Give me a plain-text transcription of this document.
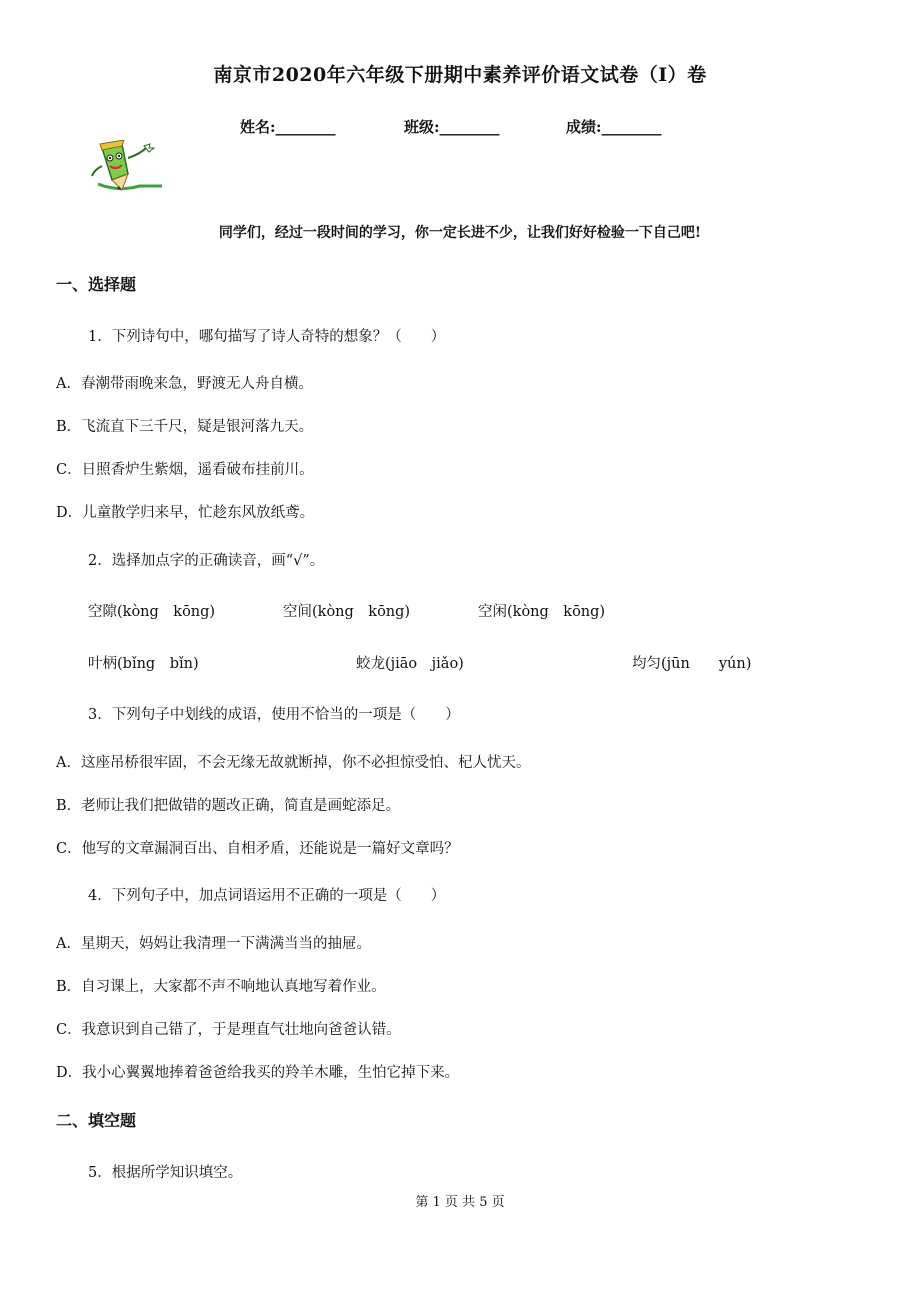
南京市2020年六年级下册期中素养评价语文试卷（I）卷
姓名:________	班级:________	成绩:________
同学们，经过一段时间的学习，你一定长进不少，让我们好好检验一下自己吧!
一、选择题
1．下列诗句中，哪句描写了诗人奇特的想象？（　　）
A．春潮带雨晚来急，野渡无人舟自横。
B．飞流直下三千尺，疑是银河落九天。
C．日照香炉生紫烟，遥看破布挂前川。
D．儿童散学归来早，忙趁东风放纸鸢。
2．选择加点字的正确读音，画“√”。
空隙(kòng　kōng)	空间(kòng　kōng)	空闲(kòng　kōng)
叶柄(bǐng　bǐn)	蛟龙(jiāo　jiǎo)	均匀(jūn　　yún)
3．下列句子中划线的成语，使用不恰当的一项是（　　）
A．这座吊桥很牢固，不会无缘无故就断掉，你不必担惊受怕、杞人忧天。
B．老师让我们把做错的题改正确，简直是画蛇添足。
C．他写的文章漏洞百出、自相矛盾，还能说是一篇好文章吗？
4．下列句子中，加点词语运用不正确的一项是（　　）
A．星期天，妈妈让我清理一下满满当当的抽屉。
B．自习课上，大家都不声不响地认真地写着作业。
C．我意识到自己错了，于是理直气壮地向爸爸认错。
D．我小心翼翼地捧着爸爸给我买的羚羊木雕，生怕它掉下来。
二、填空题
5．根据所学知识填空。
第 1 页 共 5 页
